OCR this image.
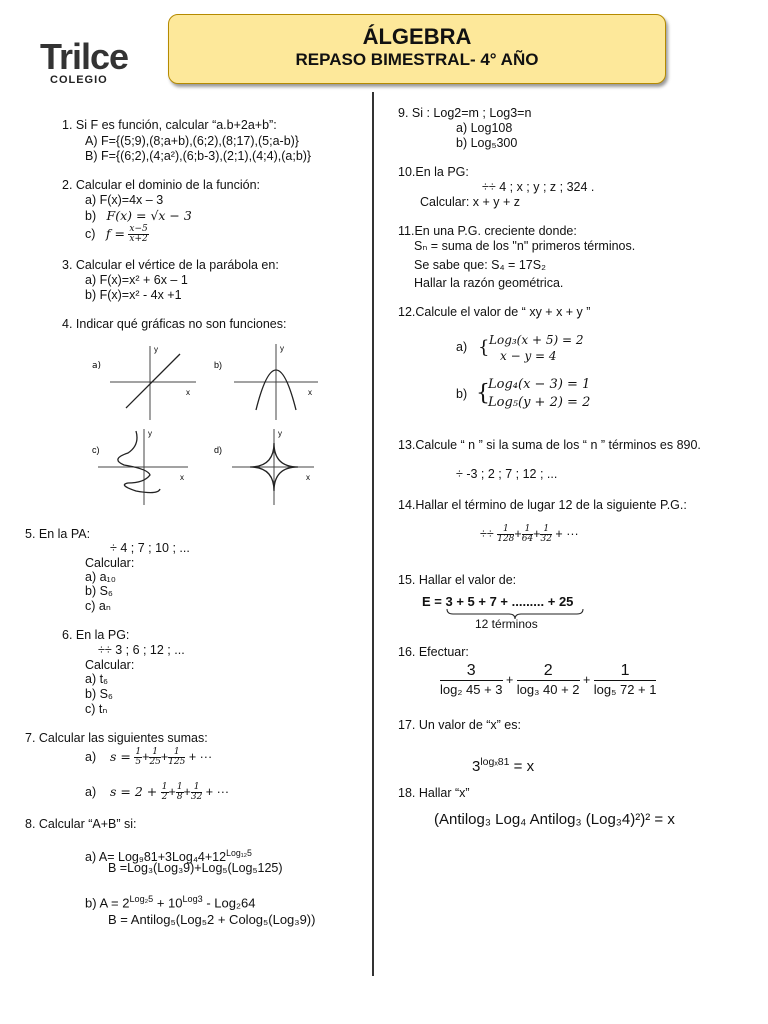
Trilce
COLEGIO
ÁLGEBRA
REPASO BIMESTRAL- 4° AÑO
1. Si F es función, calcular “a.b+2a+b”:
A) F={(5;9),(8;a+b),(6;2),(8;17),(5;a-b)}
B) F={(6;2),(4;a²),(6;b-3),(2;1),(4;4),(a;b)}
2. Calcular el dominio de la función:
a) F(x)=4x – 3
b) F(x) = √x − 3
c) $f = \frac{x-5}{x+2}$
3. Calcular el vértice de la parábola en:
a) F(x)=x² + 6x – 1
b) F(x)=x² - 4x +1
4. Indicar qué gráficas no son funciones:
a)
y
x
b)
y
x
c)
y
x
d)
y
x
5. En la PA:
÷ 4 ; 7 ; 10 ; ...
Calcular:
a) a₁₀
b) S₆
c) aₙ
6. En la PG:
÷÷ 3 ; 6 ; 12 ; ...
Calcular:
a) t₆
b) S₆
c) tₙ
7. Calcular las siguientes sumas:
a) $s = \frac{1}{5} + \frac{1}{25} + \frac{1}{125}$ + ···
a) $s = 2 + \frac{1}{2} + \frac{1}{8} + \frac{1}{32}$ + ···
8. Calcular “A+B” si:
a) $A= Log_981+3Log_44+12^{Log_{12}5}$
B =Log₃(Log₃9)+Log₅(Log₅125)
b) $A = 2^{Log_25} + 10^{Log3} - Log_264$
B = Antilog₅(Log₅2 + Colog₅(Log₃9))
9. Si : Log2=m ; Log3=n
a) Log108
b) Log₅300
10.En la PG:
÷÷ 4 ; x ; y ; z ; 324 .
Calcular: x + y + z
11.En una P.G. creciente donde:
Sₙ = suma de los "n" primeros términos.
Se sabe que: S₄ = 17S₂
Hallar la razón geométrica.
12.Calcule el valor de “ xy + x + y ”
a) { Log₃(x + 5) = 2
x − y = 4
b) {
Log₄(x − 3) = 1
Log₅(y + 2) = 2
13.Calcule “ n ” si la suma de los “ n ” términos es 890.
÷ -3 ; 2 ; 7 ; 12 ; ...
14.Hallar el término de lugar 12 de la siguiente P.G.:
÷÷ $\frac{1}{128} + \frac{1}{64} + \frac{1}{32}$ + ···
15. Hallar el valor de:
E = 3 + 5 + 7 + ......... + 25
12 términos
16. Efectuar:
3
log₂ 45 + 3
+
2
log₃ 40 + 2
+
1
log₅ 72 + 1
17. Un valor de “x” es:
$3^{log_x81} = x$
18. Hallar “x”
(Antilog₃ Log₄ Antilog₃ (Log₃4)²)² = x
